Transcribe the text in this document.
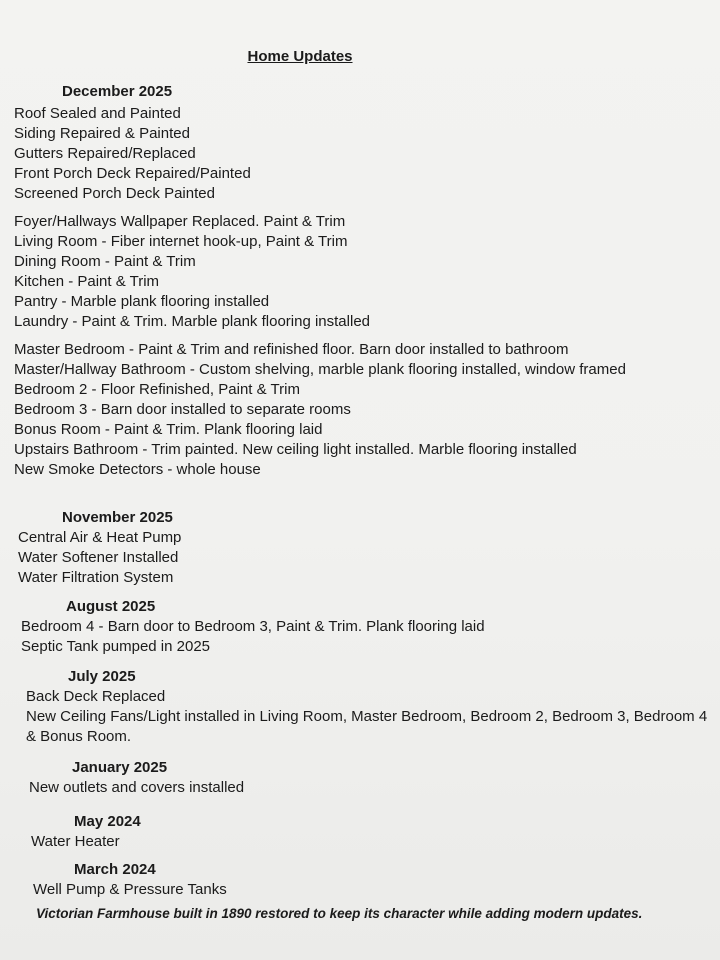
Home Updates
December 2025
Roof Sealed and Painted
Siding Repaired & Painted
Gutters Repaired/Replaced
Front Porch Deck Repaired/Painted
Screened Porch Deck Painted
Foyer/Hallways Wallpaper Replaced. Paint & Trim
Living Room - Fiber internet hook-up, Paint & Trim
Dining Room - Paint & Trim
Kitchen - Paint & Trim
Pantry - Marble plank flooring installed
Laundry - Paint & Trim. Marble plank flooring installed
Master Bedroom - Paint & Trim and refinished floor. Barn door installed to bathroom
Master/Hallway Bathroom - Custom shelving, marble plank flooring installed, window framed
Bedroom 2 - Floor Refinished, Paint & Trim
Bedroom 3 - Barn door installed to separate rooms
Bonus Room - Paint & Trim. Plank flooring laid
Upstairs Bathroom - Trim painted. New ceiling light installed. Marble flooring installed
New Smoke Detectors - whole house
November 2025
Central Air & Heat Pump
Water Softener Installed
Water Filtration System
August 2025
Bedroom 4 - Barn door to Bedroom 3, Paint & Trim. Plank flooring laid
Septic Tank pumped in 2025
July 2025
Back Deck Replaced
New Ceiling Fans/Light installed in Living Room, Master Bedroom, Bedroom 2, Bedroom 3, Bedroom 4 & Bonus Room.
January 2025
New outlets and covers installed
May 2024
Water Heater
March 2024
Well Pump & Pressure Tanks
Victorian Farmhouse built in 1890 restored to keep its character while adding modern updates.
